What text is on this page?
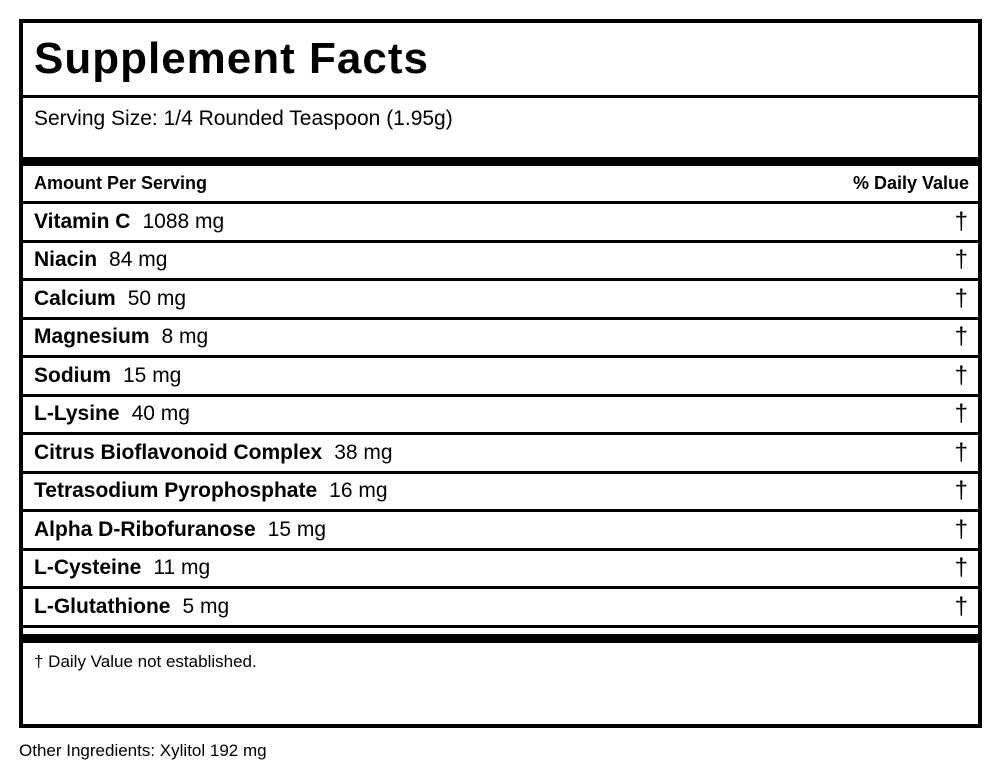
Supplement Facts
Serving Size: 1/4 Rounded Teaspoon (1.95g)
Amount Per Serving	% Daily Value
Vitamin C 1088 mg	†
Niacin 84 mg	†
Calcium 50 mg	†
Magnesium 8 mg	†
Sodium 15 mg	†
L-Lysine 40 mg	†
Citrus Bioflavonoid Complex 38 mg	†
Tetrasodium Pyrophosphate 16 mg	†
Alpha D-Ribofuranose 15 mg	†
L-Cysteine 11 mg	†
L-Glutathione 5 mg	†
† Daily Value not established.
Other Ingredients: Xylitol 192 mg
